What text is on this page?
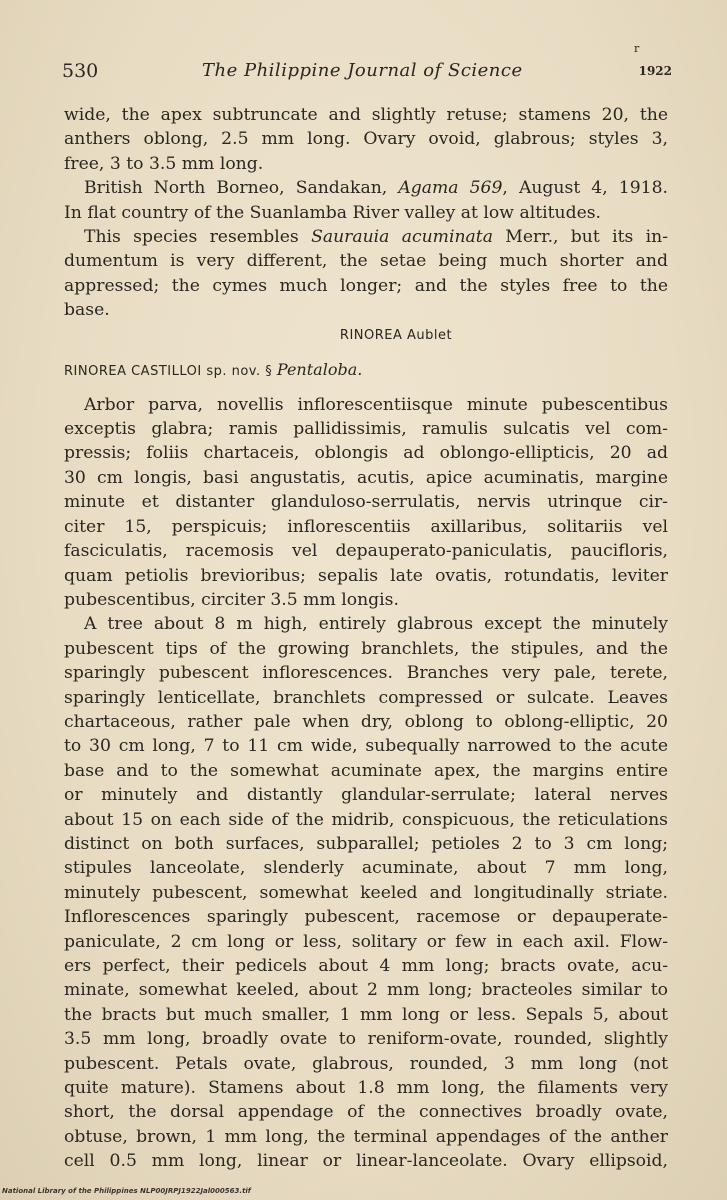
r
530	The Philippine Journal of Science	1922
wide, the apex subtruncate and slightly retuse; stamens 20, the
anthers oblong, 2.5 mm long. Ovary ovoid, glabrous; styles 3,
free, 3 to 3.5 mm long.
British North Borneo, Sandakan, Agama 569, August 4, 1918.
In flat country of the Suanlamba River valley at low altitudes.
This species resembles Saurauia acuminata Merr., but its in-
dumentum is very different, the setae being much shorter and
appressed; the cymes much longer; and the styles free to the
base.
RINOREA Aublet
RINOREA CASTILLOI sp. nov. § Pentaloba.
Arbor parva, novellis inflorescentiisque minute pubescentibus
exceptis glabra; ramis pallidissimis, ramulis sulcatis vel com-
pressis; foliis chartaceis, oblongis ad oblongo-ellipticis, 20 ad
30 cm longis, basi angustatis, acutis, apice acuminatis, margine
minute et distanter glanduloso-serrulatis, nervis utrinque cir-
citer 15, perspicuis; inflorescentiis axillaribus, solitariis vel
fasciculatis, racemosis vel depauperato-paniculatis, paucifloris,
quam petiolis brevioribus; sepalis late ovatis, rotundatis, leviter
pubescentibus, circiter 3.5 mm longis.
A tree about 8 m high, entirely glabrous except the minutely
pubescent tips of the growing branchlets, the stipules, and the
sparingly pubescent inflorescences. Branches very pale, terete,
sparingly lenticellate, branchlets compressed or sulcate. Leaves
chartaceous, rather pale when dry, oblong to oblong-elliptic, 20
to 30 cm long, 7 to 11 cm wide, subequally narrowed to the acute
base and to the somewhat acuminate apex, the margins entire
or minutely and distantly glandular-serrulate; lateral nerves
about 15 on each side of the midrib, conspicuous, the reticulations
distinct on both surfaces, subparallel; petioles 2 to 3 cm long;
stipules lanceolate, slenderly acuminate, about 7 mm long,
minutely pubescent, somewhat keeled and longitudinally striate.
Inflorescences sparingly pubescent, racemose or depauperate-
paniculate, 2 cm long or less, solitary or few in each axil. Flow-
ers perfect, their pedicels about 4 mm long; bracts ovate, acu-
minate, somewhat keeled, about 2 mm long; bracteoles similar to
the bracts but much smaller, 1 mm long or less. Sepals 5, about
3.5 mm long, broadly ovate to reniform-ovate, rounded, slightly
pubescent. Petals ovate, glabrous, rounded, 3 mm long (not
quite mature). Stamens about 1.8 mm long, the filaments very
short, the dorsal appendage of the connectives broadly ovate,
obtuse, brown, 1 mm long, the terminal appendages of the anther
cell 0.5 mm long, linear or linear-lanceolate. Ovary ellipsoid,
National Library of the Philippines NLP00JRPJ1922Jal000563.tif
